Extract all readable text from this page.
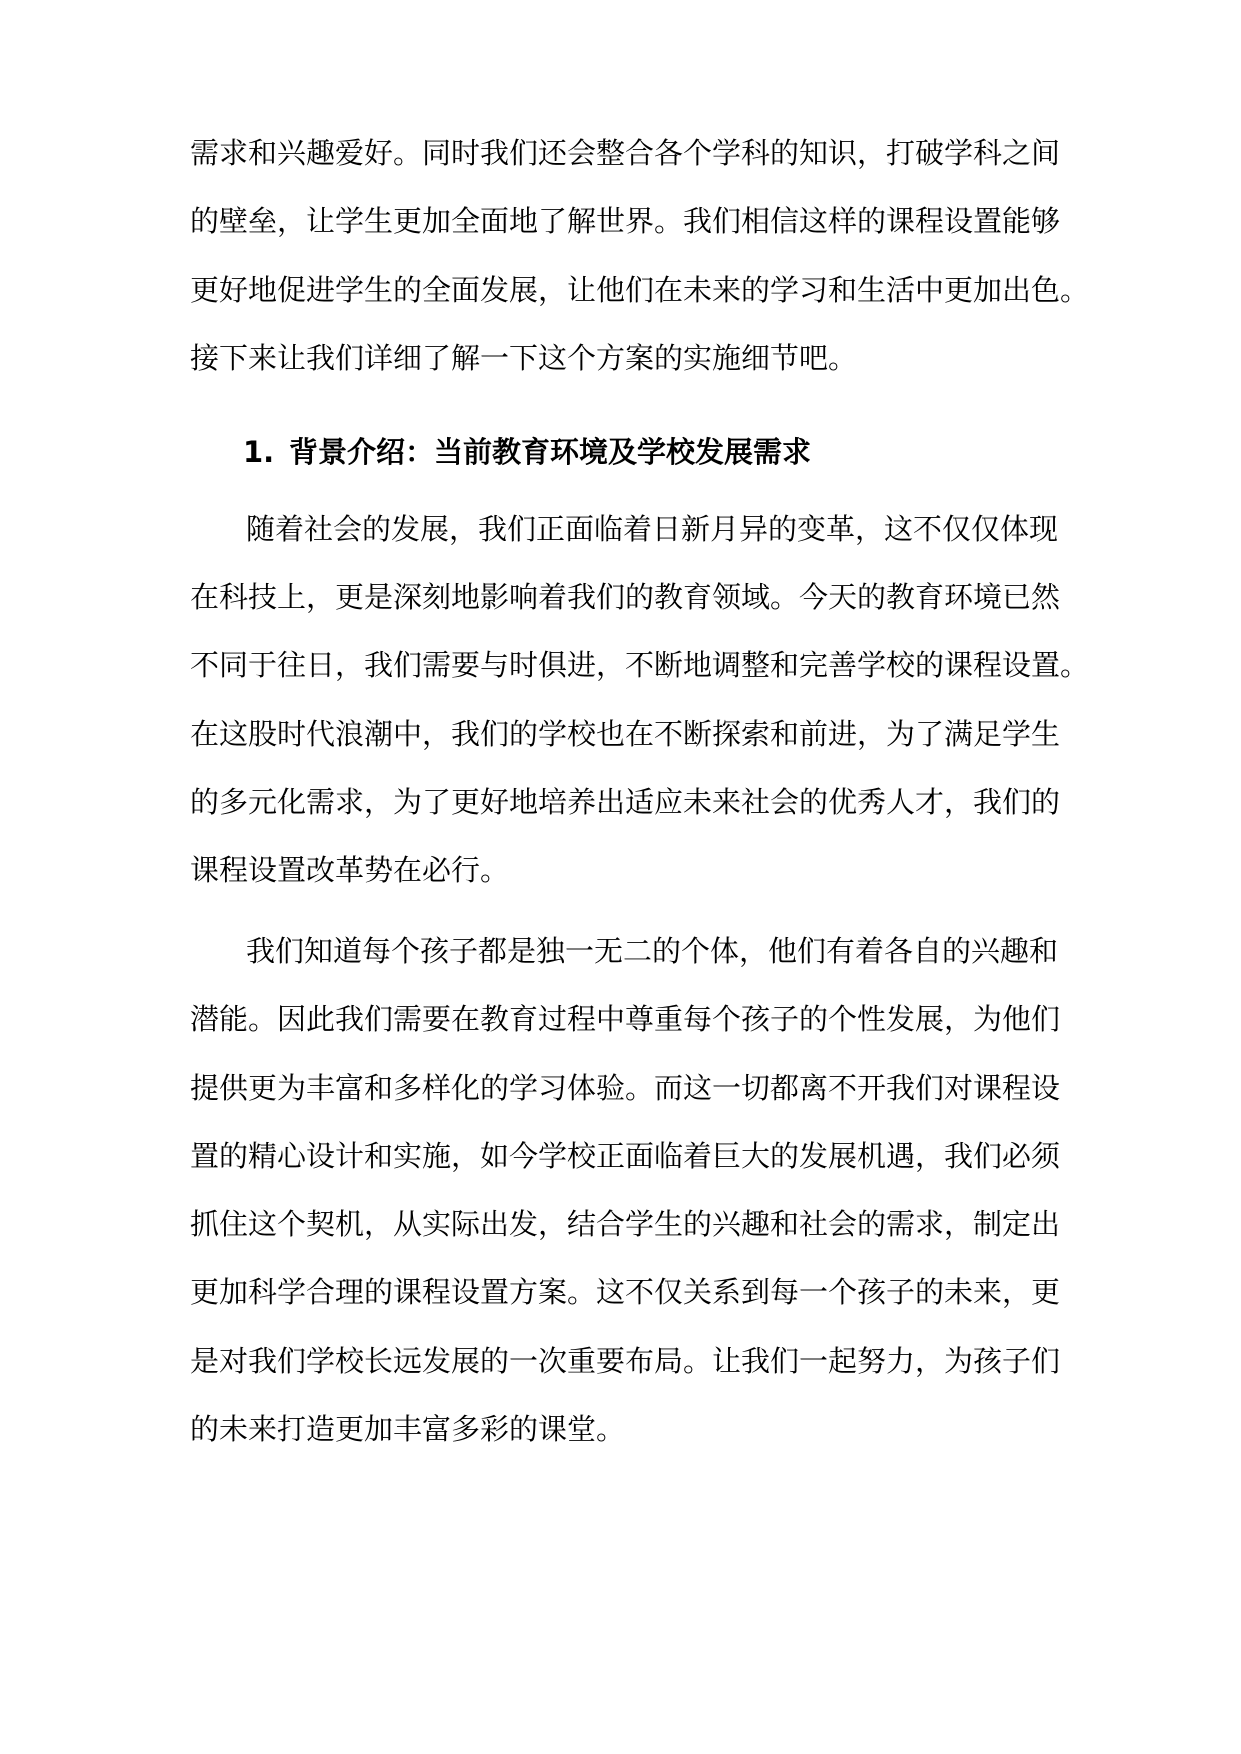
需求和兴趣爱好。同时我们还会整合各个学科的知识，打破学科之间
的壁垒，让学生更加全面地了解世界。我们相信这样的课程设置能够
更好地促进学生的全面发展，让他们在未来的学习和生活中更加出色。
接下来让我们详细了解一下这个方案的实施细节吧。
1. 背景介绍：当前教育环境及学校发展需求
随着社会的发展，我们正面临着日新月异的变革，这不仅仅体现
在科技上，更是深刻地影响着我们的教育领域。今天的教育环境已然
不同于往日，我们需要与时俱进，不断地调整和完善学校的课程设置。
在这股时代浪潮中，我们的学校也在不断探索和前进，为了满足学生
的多元化需求，为了更好地培养出适应未来社会的优秀人才，我们的
课程设置改革势在必行。
我们知道每个孩子都是独一无二的个体，他们有着各自的兴趣和
潜能。因此我们需要在教育过程中尊重每个孩子的个性发展，为他们
提供更为丰富和多样化的学习体验。而这一切都离不开我们对课程设
置的精心设计和实施，如今学校正面临着巨大的发展机遇，我们必须
抓住这个契机，从实际出发，结合学生的兴趣和社会的需求，制定出
更加科学合理的课程设置方案。这不仅关系到每一个孩子的未来，更
是对我们学校长远发展的一次重要布局。让我们一起努力，为孩子们
的未来打造更加丰富多彩的课堂。
